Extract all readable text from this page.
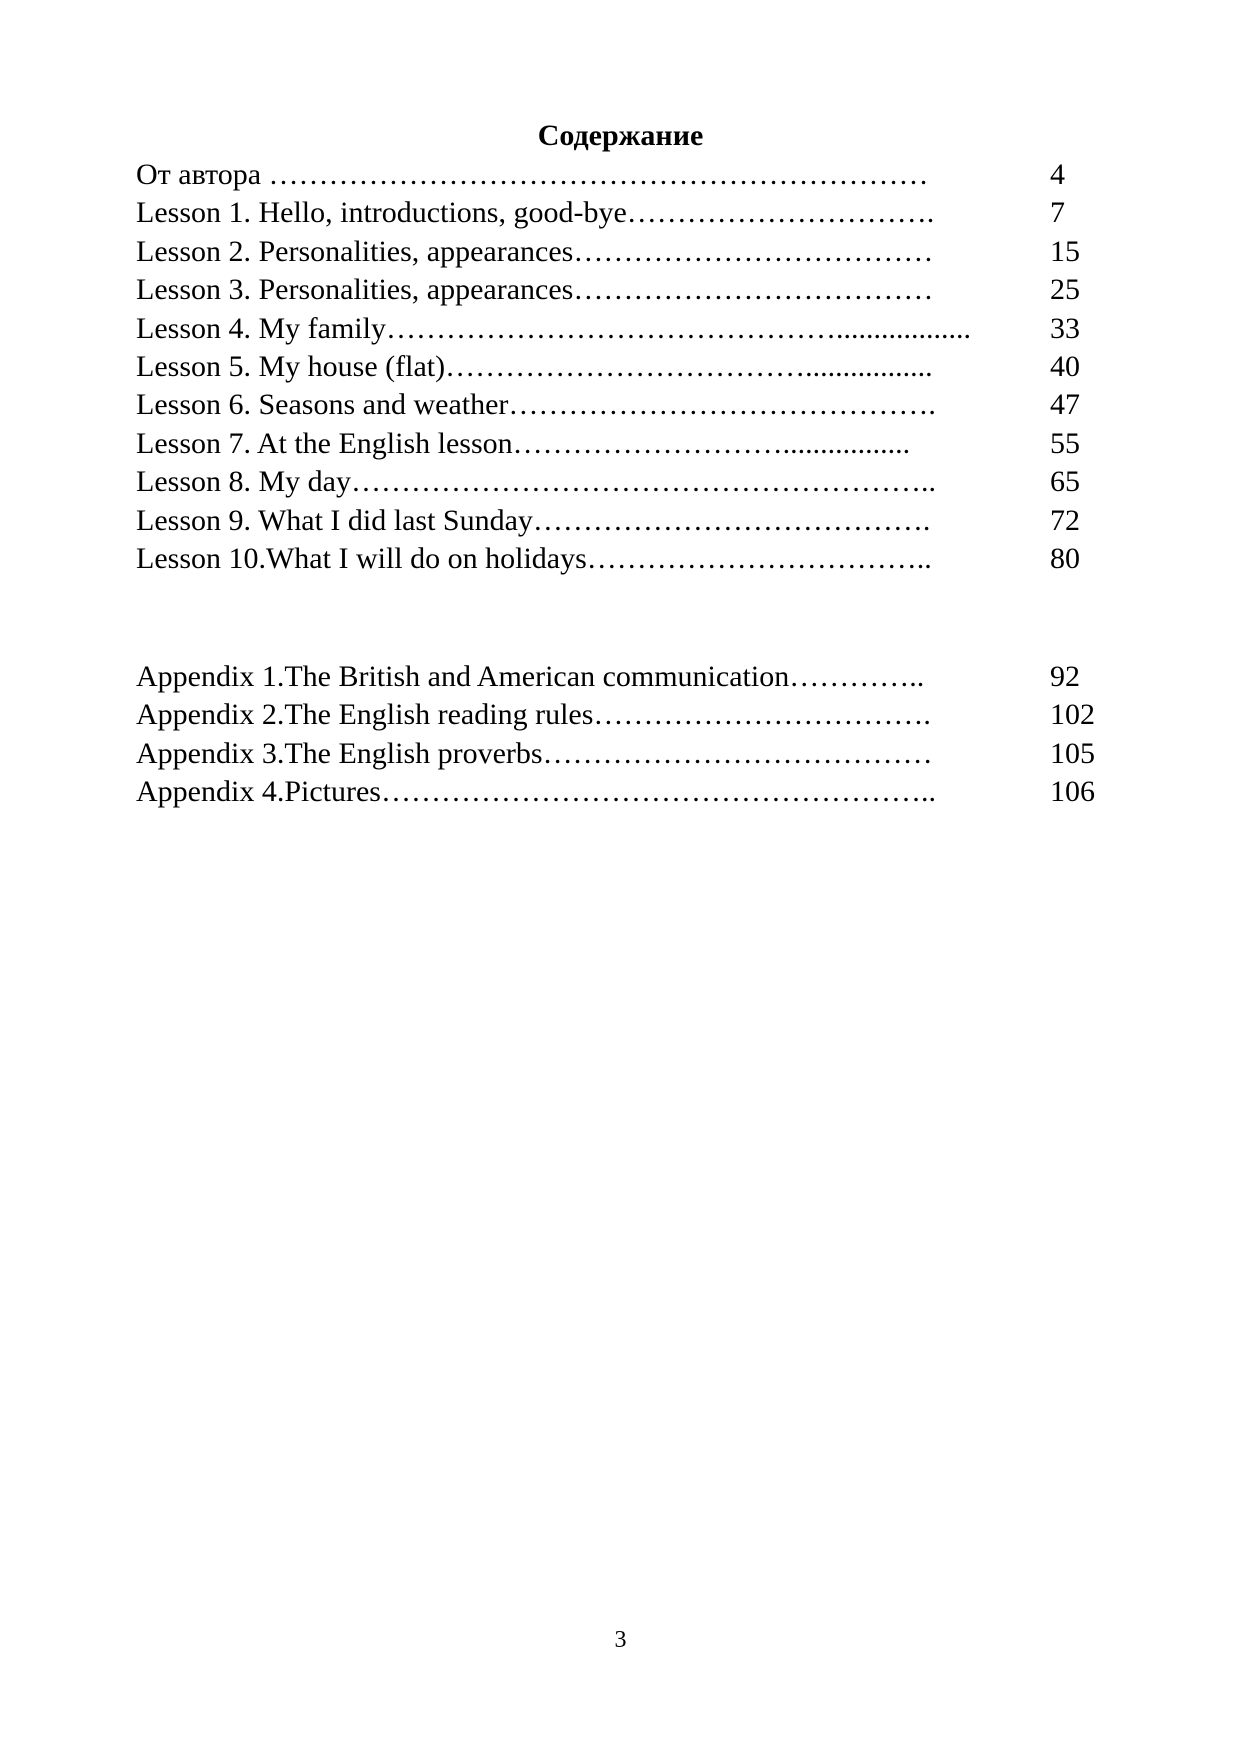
Содержание
От автора …………………………………………………………	4
Lesson 1. Hello, introductions, good-bye………………………….	7
Lesson 2. Personalities, appearances………………………………	15
Lesson 3. Personalities, appearances………………………………	25
Lesson 4. My family………………………………………..................	33
Lesson 5. My house (flat)……………………………….................	40
Lesson 6. Seasons and weather…………………………………….	47
Lesson 7. At the English lesson……………………….................	55
Lesson 8. My day…………………………………………………..	65
Lesson 9. What I did last Sunday………………………………….	72
Lesson 10.What I will do on holidays……………………………..	80
Appendix 1.The British and American communication…………..	92
Appendix 2.The English reading rules…………………………….	102
Appendix 3.The English proverbs…………………………………	105
Appendix 4.Pictures………………………………………………..	106
3
